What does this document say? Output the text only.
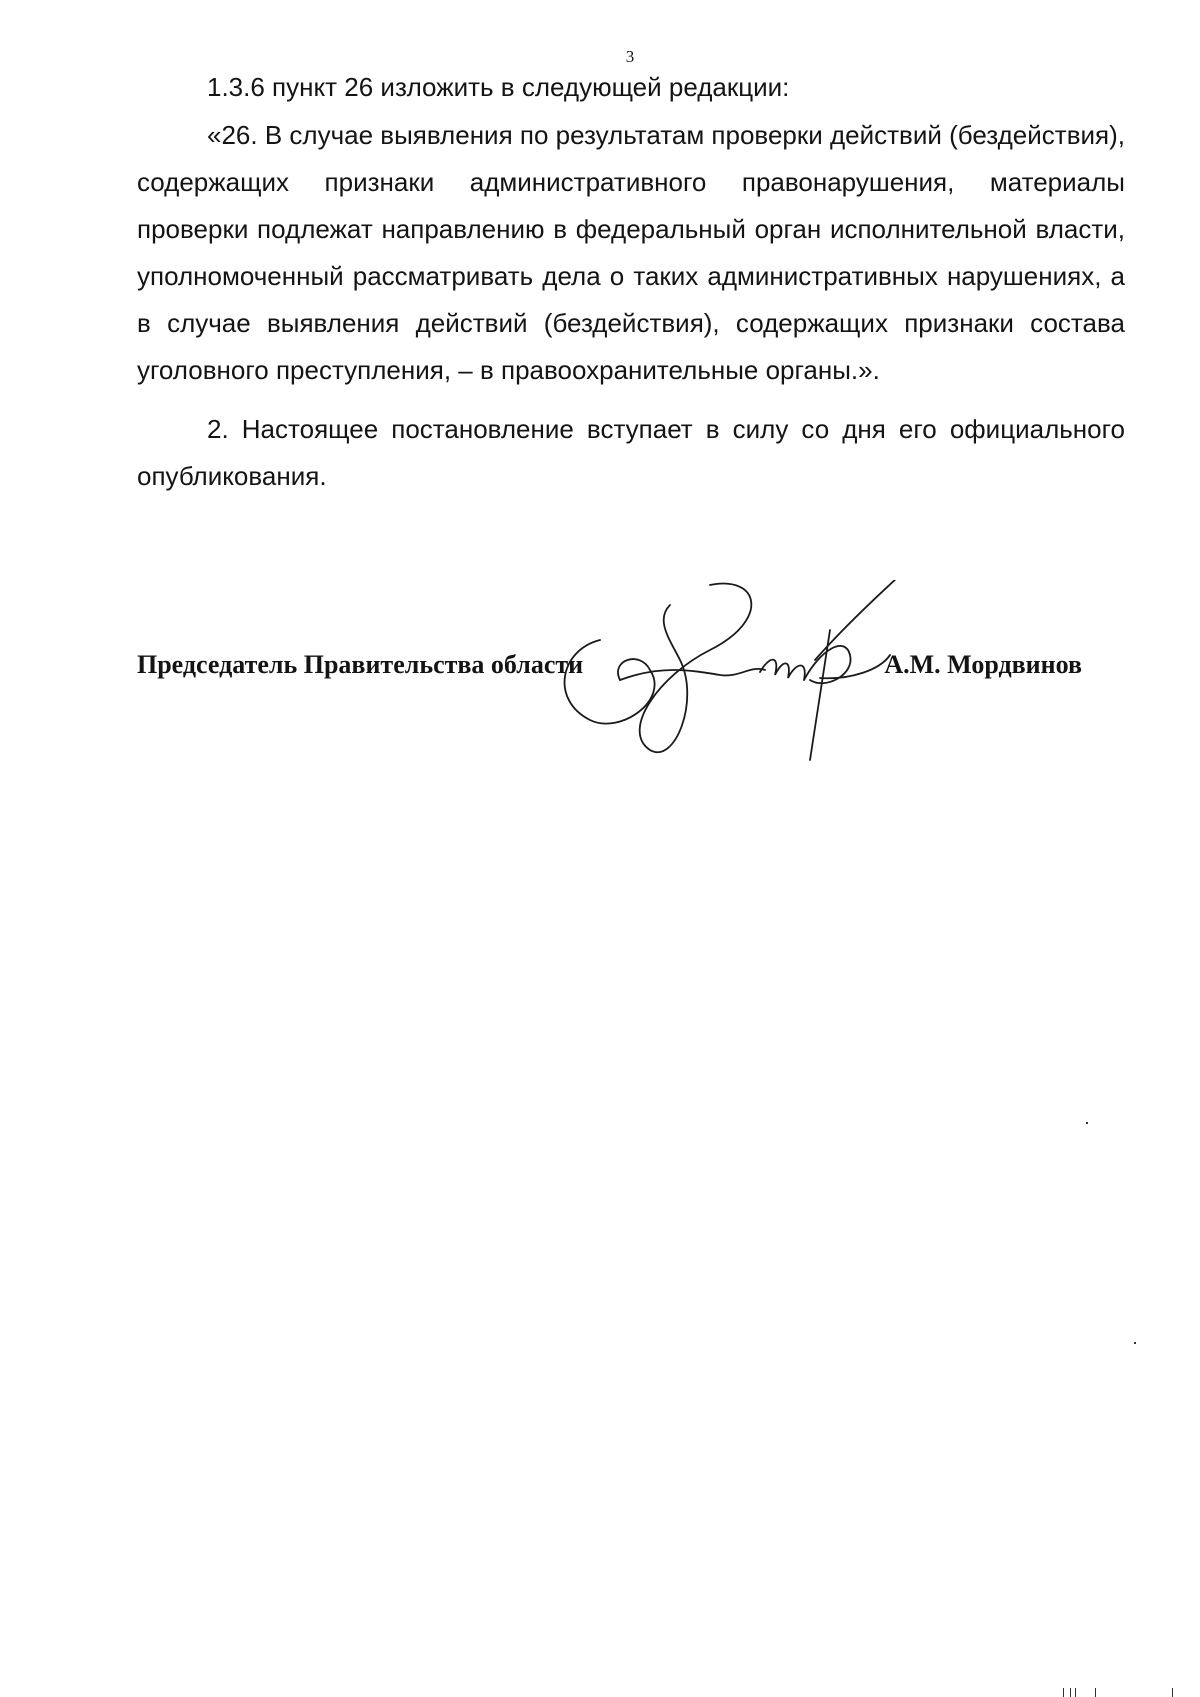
3

1.3.6 пункт 26 изложить в следующей редакции:

«26. В случае выявления по результатам проверки действий (бездействия), содержащих признаки административного правонарушения, материалы проверки подлежат направлению в федеральный орган исполнительной власти, уполномоченный рассматривать дела о таких административных нарушениях, а в случае выявления действий (бездействия), содержащих признаки состава уголовного преступления, – в правоохранительные органы.».

2. Настоящее постановление вступает в силу со дня его официального опубликования.

Председатель Правительства области	А.М. Мордвинов
